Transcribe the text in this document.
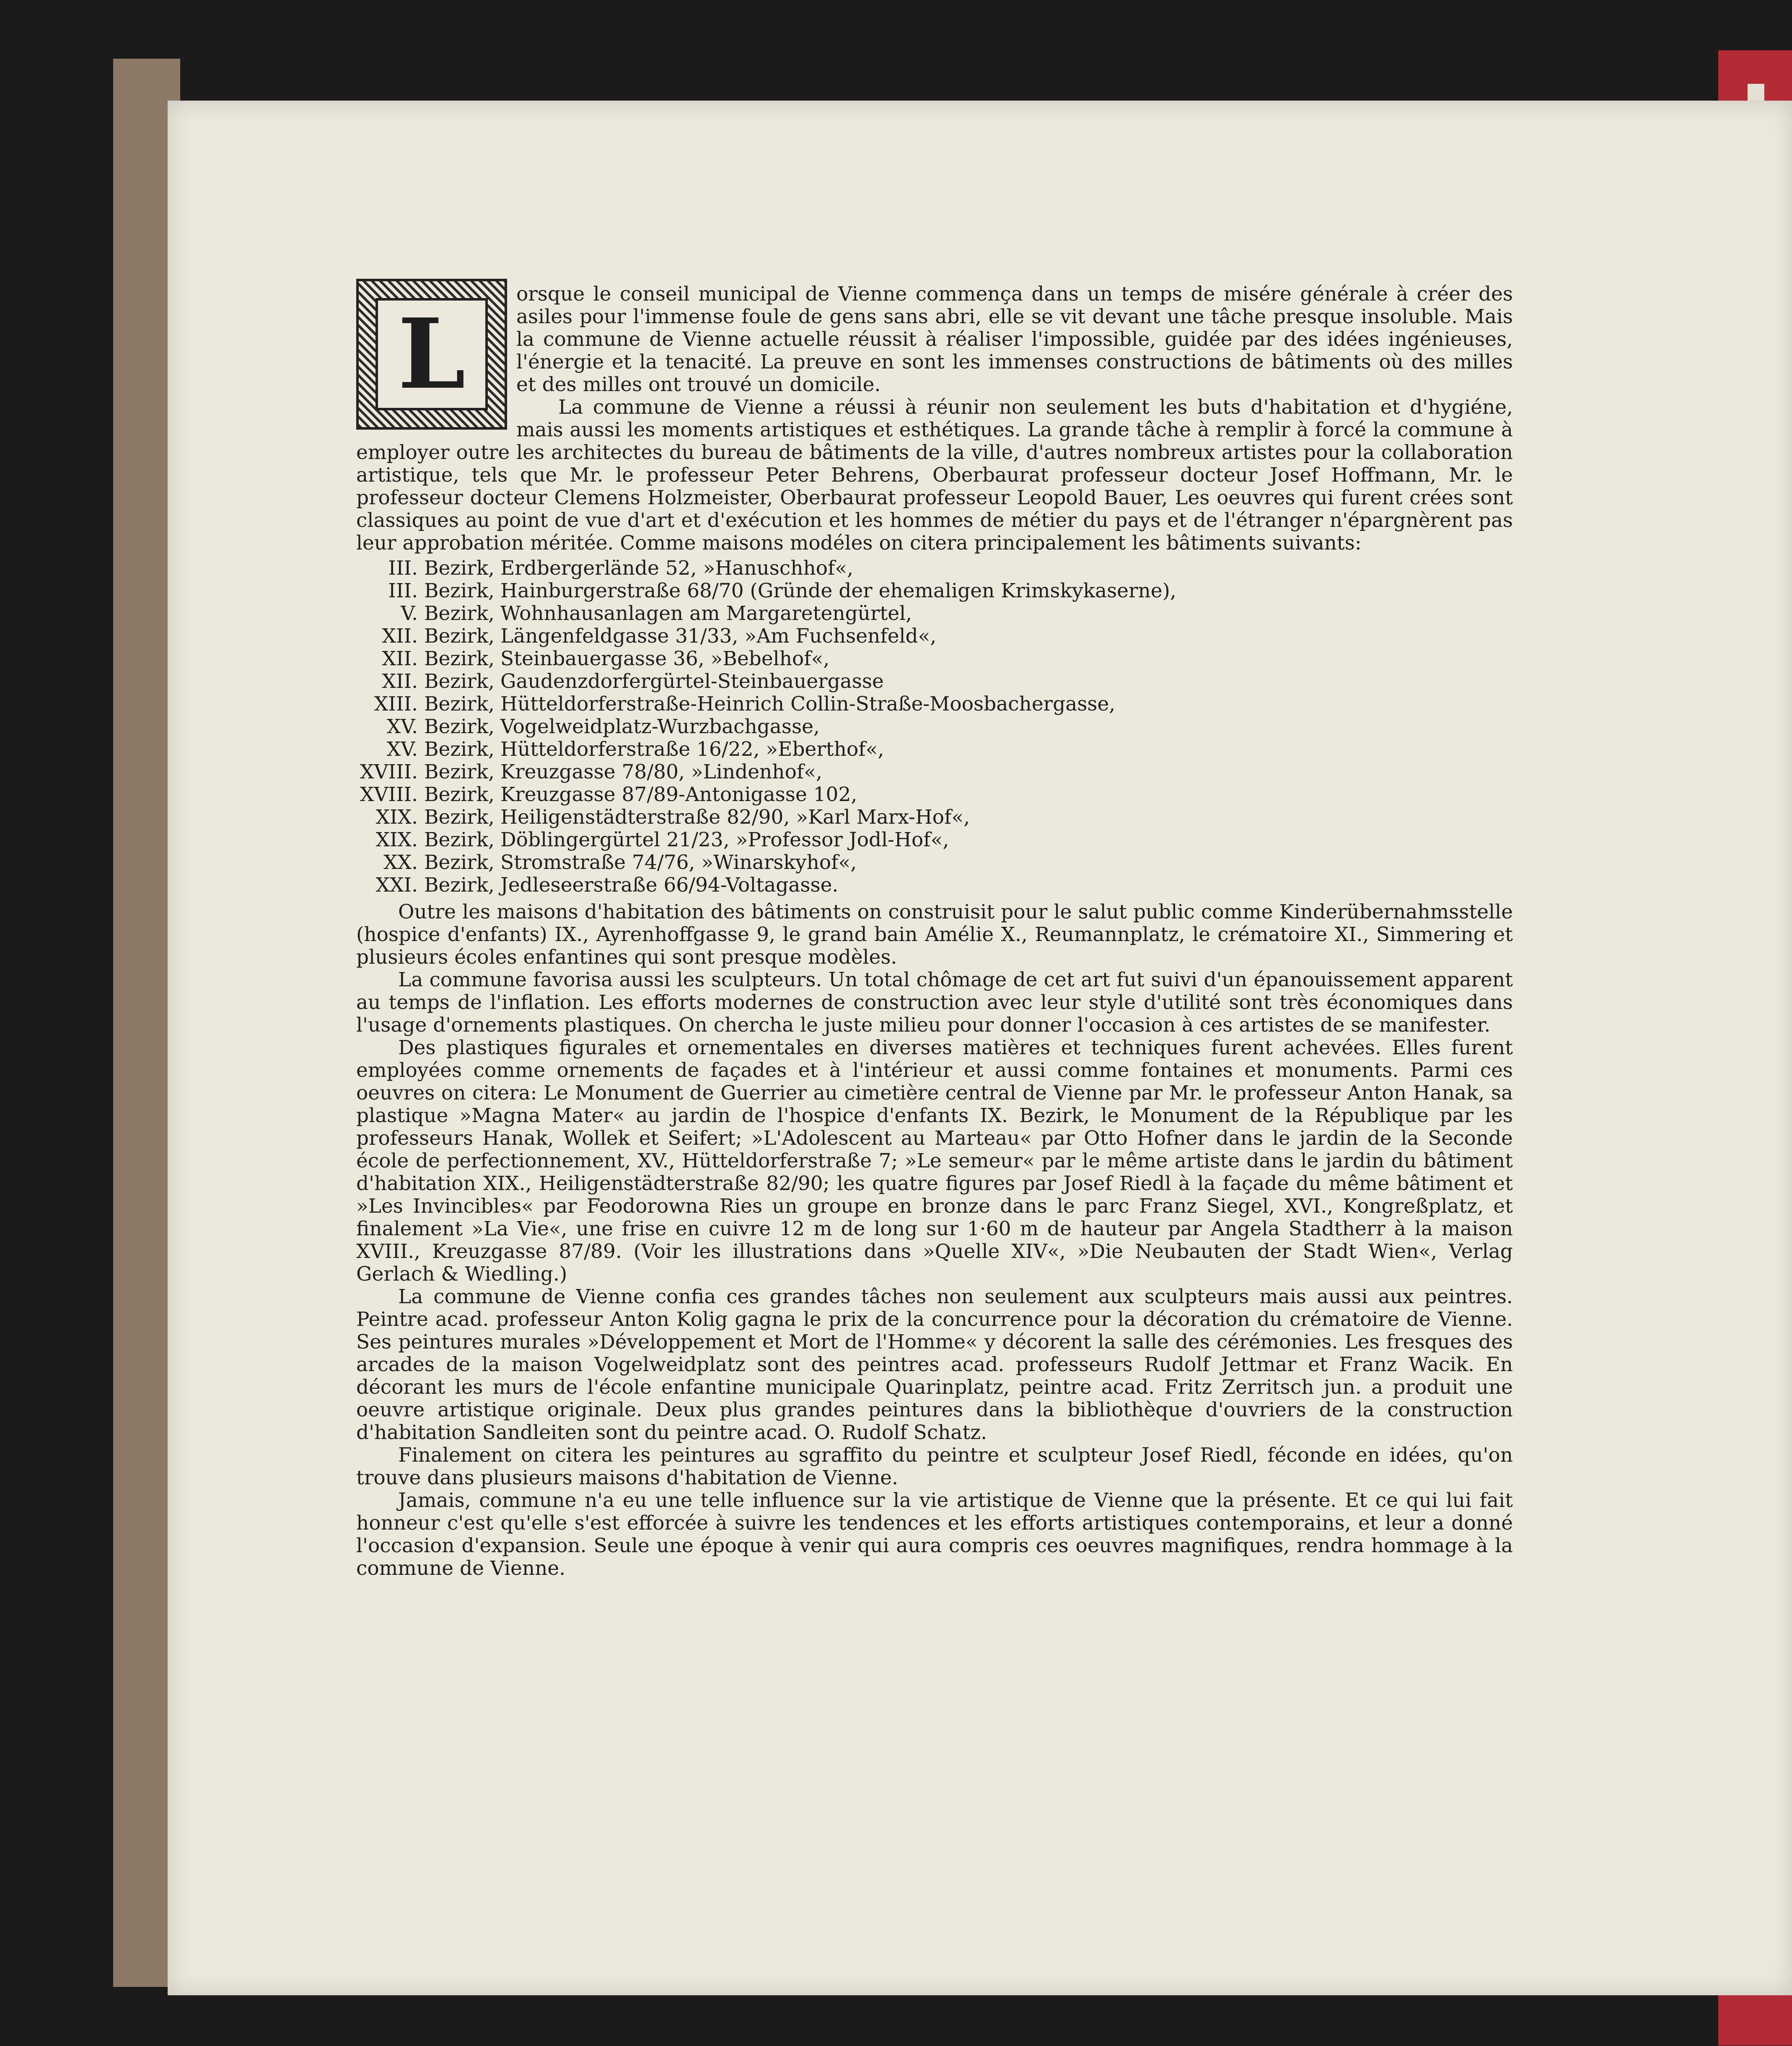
L

orsque le conseil municipal de Vienne commença dans un temps de misére générale à créer des asiles pour l'immense foule de gens sans abri, elle se vit devant une tâche presque insoluble. Mais la commune de Vienne actuelle réussit à réaliser l'impossible, guidée par des idées ingénieuses, l'énergie et la tenacité. La preuve en sont les immenses constructions de bâtiments où des milles et des milles ont trouvé un domicile.

La commune de Vienne a réussi à réunir non seulement les buts d'habitation et d'hygiéne, mais aussi les moments artistiques et esthétiques. La grande tâche à remplir à forcé la commune à employer outre les architectes du bureau de bâtiments de la ville, d'autres nombreux artistes pour la collaboration artistique, tels que Mr. le professeur Peter Behrens, Oberbaurat professeur docteur Josef Hoffmann, Mr. le professeur docteur Clemens Holzmeister, Oberbaurat professeur Leopold Bauer, Les oeuvres qui furent crées sont classiques au point de vue d'art et d'exécution et les hommes de métier du pays et de l'étranger n'épargnèrent pas leur approbation méritée. Comme maisons modéles on citera principalement les bâtiments suivants:

III. Bezirk, Erdbergerlände 52, »Hanuschhof«,
III. Bezirk, Hainburgerstraße 68/70 (Gründe der ehemaligen Krimskykaserne),
V. Bezirk, Wohnhausanlagen am Margaretengürtel,
XII. Bezirk, Längenfeldgasse 31/33, »Am Fuchsenfeld«,
XII. Bezirk, Steinbauergasse 36, »Bebelhof«,
XII. Bezirk, Gaudenzdorfergürtel-Steinbauergasse
XIII. Bezirk, Hütteldorferstraße-Heinrich Collin-Straße-Moosbachergasse,
XV. Bezirk, Vogelweidplatz-Wurzbachgasse,
XV. Bezirk, Hütteldorferstraße 16/22, »Eberthof«,
XVIII. Bezirk, Kreuzgasse 78/80, »Lindenhof«,
XVIII. Bezirk, Kreuzgasse 87/89-Antonigasse 102,
XIX. Bezirk, Heiligenstädterstraße 82/90, »Karl Marx-Hof«,
XIX. Bezirk, Döblingergürtel 21/23, »Professor Jodl-Hof«,
XX. Bezirk, Stromstraße 74/76, »Winarskyhof«,
XXI. Bezirk, Jedleseerstraße 66/94-Voltagasse.

Outre les maisons d'habitation des bâtiments on construisit pour le salut public comme Kinderübernahmsstelle (hospice d'enfants) IX., Ayrenhoffgasse 9, le grand bain Amélie X., Reumannplatz, le crématoire XI., Simmering et plusieurs écoles enfantines qui sont presque modèles.

La commune favorisa aussi les sculpteurs. Un total chômage de cet art fut suivi d'un épanouissement apparent au temps de l'inflation. Les efforts modernes de construction avec leur style d'utilité sont très économiques dans l'usage d'ornements plastiques. On chercha le juste milieu pour donner l'occasion à ces artistes de se manifester.

Des plastiques figurales et ornementales en diverses matières et techniques furent achevées. Elles furent employées comme ornements de façades et à l'intérieur et aussi comme fontaines et monuments. Parmi ces oeuvres on citera: Le Monument de Guerrier au cimetière central de Vienne par Mr. le professeur Anton Hanak, sa plastique »Magna Mater« au jardin de l'hospice d'enfants IX. Bezirk, le Monument de la République par les professeurs Hanak, Wollek et Seifert; »L'Adolescent au Marteau« par Otto Hofner dans le jardin de la Seconde école de perfectionnement, XV., Hütteldorferstraße 7; »Le semeur« par le même artiste dans le jardin du bâtiment d'habitation XIX., Heiligenstädterstraße 82/90; les quatre figures par Josef Riedl à la façade du même bâtiment et »Les Invincibles« par Feodorowna Ries un groupe en bronze dans le parc Franz Siegel, XVI., Kongreßplatz, et finalement »La Vie«, une frise en cuivre 12 m de long sur 1·60 m de hauteur par Angela Stadtherr à la maison XVIII., Kreuzgasse 87/89. (Voir les illustrations dans »Quelle XIV«, »Die Neubauten der Stadt Wien«, Verlag Gerlach & Wiedling.)

La commune de Vienne confia ces grandes tâches non seulement aux sculpteurs mais aussi aux peintres. Peintre acad. professeur Anton Kolig gagna le prix de la concurrence pour la décoration du crématoire de Vienne. Ses peintures murales »Développement et Mort de l'Homme« y décorent la salle des cérémonies. Les fresques des arcades de la maison Vogelweidplatz sont des peintres acad. professeurs Rudolf Jettmar et Franz Wacik. En décorant les murs de l'école enfantine municipale Quarinplatz, peintre acad. Fritz Zerritsch jun. a produit une oeuvre artistique originale. Deux plus grandes peintures dans la bibliothèque d'ouvriers de la construction d'habitation Sandleiten sont du peintre acad. O. Rudolf Schatz.

Finalement on citera les peintures au sgraffito du peintre et sculpteur Josef Riedl, féconde en idées, qu'on trouve dans plusieurs maisons d'habitation de Vienne.

Jamais, commune n'a eu une telle influence sur la vie artistique de Vienne que la présente. Et ce qui lui fait honneur c'est qu'elle s'est efforcée à suivre les tendences et les efforts artistiques contemporains, et leur a donné l'occasion d'expansion. Seule une époque à venir qui aura compris ces oeuvres magnifiques, rendra hommage à la commune de Vienne.
